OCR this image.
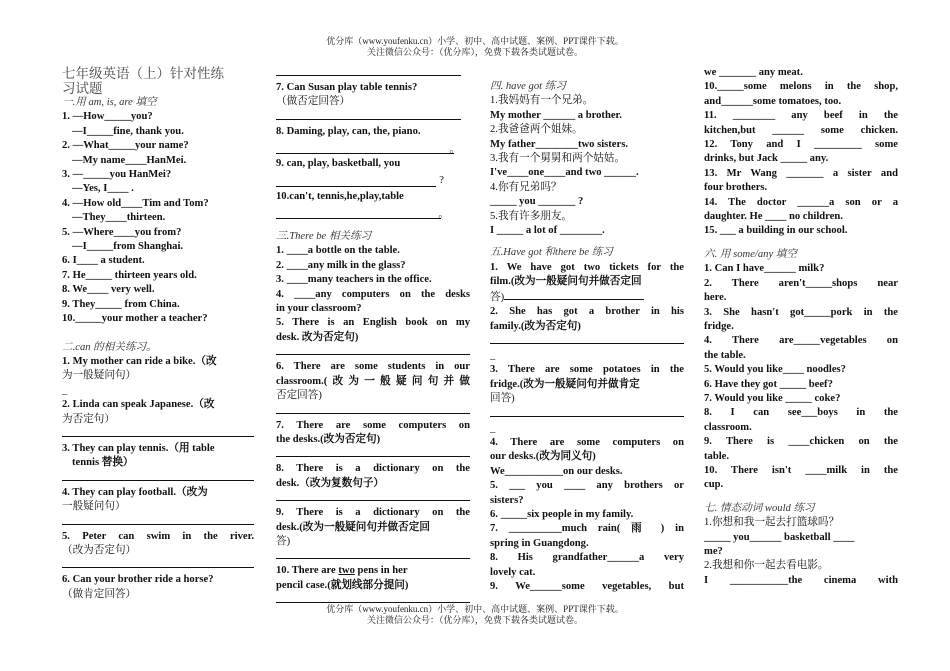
优分库（www.youfenku.cn）小学、初中、高中试题、案例、PPT课件下载。
关注微信公众号：（优分库），免费下载各类试题试卷。

七年级英语（上）针对性练

习试题

一.用 am, is, are 填空

1. —How_____you?

—I_____fine, thank you.

2. —What_____your name?

—My name____HanMei.

3. —_____you HanMei?

—Yes, I____ .

4. —How old____Tim and Tom?

—They____thirteen.

5. —Where____you from?

—I_____from Shanghai.

6. I____ a student.

7. He_____ thirteen years old.

8. We____ very well.

9. They_____ from China.

10._____your mother a teacher?

二.can 的相关练习。

1. My mother can ride a bike.（改

为一般疑问句）

_

2. Linda can speak Japanese.（改

为否定句）

3. They can play tennis.（用 table

tennis 替换）

4. They can play football.（改为

一般疑问句）

5. Peter can swim in the river.

（改为否定句）

6. Can your brother ride a horse?

（做肯定回答）

7. Can Susan play table tennis?

（做否定回答）

8. Daming, play, can, the, piano.

。

9. can, play, basketball, you

?

10.can't, tennis,he,play,table

。

三.There be 相关练习

1. ____a bottle on the table.

2. ____any milk in the glass?

3. ____many teachers in the office.

4. ____any computers on the desks

in your classroom?

5. There is an English book on my

desk. 改为否定句)

6. There are some students in our

classroom.(改为一般疑问句并做

否定回答)

7. There are some computers on

the desks.(改为否定句)

8. There is a dictionary on the

desk.（改为复数句子）

9. There is a dictionary on the

desk.(改为一般疑问句并做否定回

答)

10. There are two pens in her

pencil case.(就划线部分提问)

四. have got 练习

1.我妈妈有一个兄弟。

My mother ______ a brother.

2.我爸爸两个姐妹。

My father________two sisters.

3.我有一个舅舅和两个姑姑。

I've____one____and two ______.

4.你有兄弟吗？

_____ you _______ ?

5.我有许多朋友。

I _____ a lot of ________.

五.Have got 和there be 练习

1. We have got two tickets for the

film.(改为一般疑问句并做否定回

答)

2. She has got a brother in his

family.(改为否定句)

_

3. There are some potatoes in the

fridge.(改为一般疑问句并做肯定

回答)

_

4. There are some computers on

our desks.(改为同义句)

We___________on our desks.

5. ___ you ____ any brothers or

sisters?

6. _____six people in my family.

7. __________much rain( 雨 ) in

spring in Guangdong.

8. His grandfather______a very

lovely cat.

9. We______some vegetables, but

we _______ any meat.

10._____some melons in the shop,

and______some tomatoes, too.

11. ________ any beef in the

kitchen,but ______ some chicken.

12. Tony and I _________ some

drinks, but Jack _____ any.

13. Mr Wang _______ a sister and

four brothers.

14. The doctor ______a son or a

daughter. He ____ no children.

15. ___ a building in our school.

六. 用 some/any 填空

1. Can I have______ milk?

2. There aren't_____shops near

here.

3. She hasn't got_____pork in the

fridge.

4. There are_____vegetables on

the table.

5. Would you like____ noodles?

6. Have they got _____ beef?

7. Would you like _____ coke?

8. I can see___boys in the

classroom.

9. There is ____chicken on the

table.

10. There isn't ____milk in the

cup.

七. 情态动词 would 练习

1.你想和我一起去打篮球吗？

_____ you______ basketball ____

me?

2.我想和你一起去看电影。

I ___________the cinema with

优分库（www.youfenku.cn）小学、初中、高中试题、案例、PPT课件下载。
关注微信公众号：（优分库），免费下载各类试题试卷。
